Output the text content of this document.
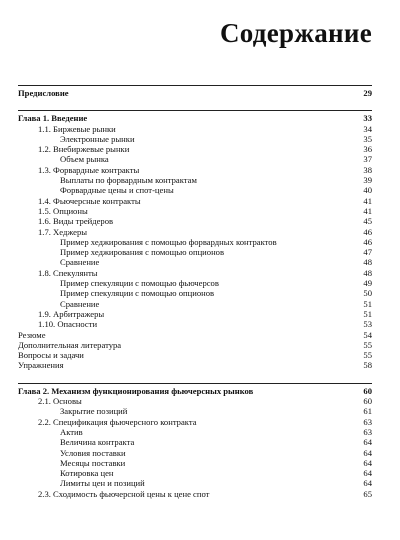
Содержание
Предисловие	29
Глава 1. Введение	33
1.1. Биржевые рынки	34
Электронные рынки	35
1.2. Внебиржевые рынки	36
Объем рынка	37
1.3. Форвардные контракты	38
Выплаты по форвардным контрактам	39
Форвардные цены и спот-цены	40
1.4. Фьючерсные контракты	41
1.5. Опционы	41
1.6. Виды трейдеров	45
1.7. Хеджеры	46
Пример хеджирования с помощью форвардных контрактов	46
Пример хеджирования с помощью опционов	47
Сравнение	48
1.8. Спекулянты	48
Пример спекуляции с помощью фьючерсов	49
Пример спекуляции с помощью опционов	50
Сравнение	51
1.9. Арбитражеры	51
1.10. Опасности	53
Резюме	54
Дополнительная литература	55
Вопросы и задачи	55
Упражнения	58
Глава 2. Механизм функционирования фьючерсных рынков	60
2.1. Основы	60
Закрытие позиций	61
2.2. Спецификация фьючерсного контракта	63
Актив	63
Величина контракта	64
Условия поставки	64
Месяцы поставки	64
Котировка цен	64
Лимиты цен и позиций	64
2.3. Сходимость фьючерсной цены к цене спот	65
